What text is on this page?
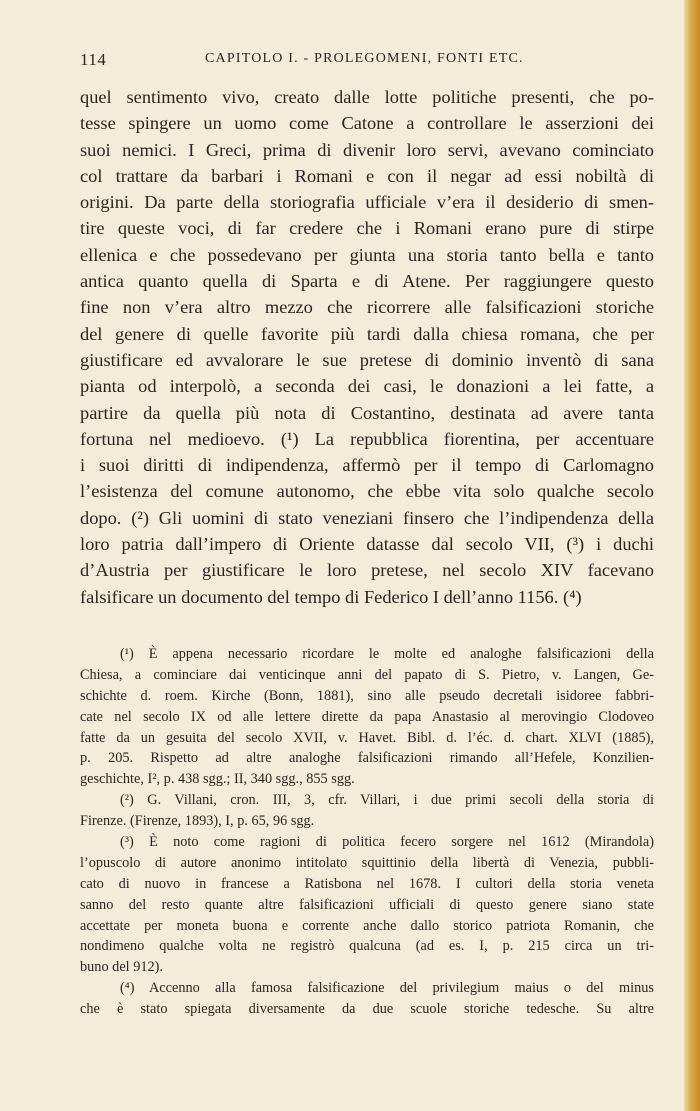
114	CAPITOLO I. - PROLEGOMENI, FONTI ETC.
quel sentimento vivo, creato dalle lotte politiche presenti, che po-
tesse spingere un uomo come Catone a controllare le asserzioni dei
suoi nemici. I Greci, prima di divenir loro servi, avevano cominciato
col trattare da barbari i Romani e con il negar ad essi nobiltà di
origini. Da parte della storiografia ufficiale v’era il desiderio di smen-
tire queste voci, di far credere che i Romani erano pure di stirpe
ellenica e che possedevano per giunta una storia tanto bella e tanto
antica quanto quella di Sparta e di Atene. Per raggiungere questo
fine non v’era altro mezzo che ricorrere alle falsificazioni storiche
del genere di quelle favorite più tardi dalla chiesa romana, che per
giustificare ed avvalorare le sue pretese di dominio inventò di sana
pianta od interpolò, a seconda dei casi, le donazioni a lei fatte, a
partire da quella più nota di Costantino, destinata ad avere tanta
fortuna nel medioevo. (¹) La repubblica fiorentina, per accentuare
i suoi diritti di indipendenza, affermò per il tempo di Carlomagno
l’esistenza del comune autonomo, che ebbe vita solo qualche secolo
dopo. (²) Gli uomini di stato veneziani finsero che l’indipendenza della
loro patria dall’impero di Oriente datasse dal secolo VII, (³) i duchi
d’Austria per giustificare le loro pretese, nel secolo XIV facevano
falsificare un documento del tempo di Federico I dell’anno 1156. (⁴)
(¹) È appena necessario ricordare le molte ed analoghe falsificazioni della
Chiesa, a cominciare dai venticinque anni del papato di S. Pietro, v. Langen, Ge-
schichte d. roem. Kirche (Bonn, 1881), sino alle pseudo decretali isidoree fabbri-
cate nel secolo IX od alle lettere dirette da papa Anastasio al merovingio Clodoveo
fatte da un gesuita del secolo XVII, v. Havet. Bibl. d. l’éc. d. chart. XLVI (1885),
p. 205. Rispetto ad altre analoghe falsificazioni rimando all’Hefele, Konzilien-
geschichte, I², p. 438 sgg.; II, 340 sgg., 855 sgg.
(²) G. Villani, cron. III, 3, cfr. Villari, i due primi secoli della storia di
Firenze. (Firenze, 1893), I, p. 65, 96 sgg.
(³) È noto come ragioni di politica fecero sorgere nel 1612 (Mirandola)
l’opuscolo di autore anonimo intitolato squittinio della libertà di Venezia, pubbli-
cato di nuovo in francese a Ratisbona nel 1678. I cultori della storia veneta
sanno del resto quante altre falsificazioni ufficiali di questo genere siano state
accettate per moneta buona e corrente anche dallo storico patriota Romanin, che
nondimeno qualche volta ne registrò qualcuna (ad es. I, p. 215 circa un tri-
buno del 912).
(⁴) Accenno alla famosa falsificazione del privilegium maius o del minus
che è stato spiegata diversamente da due scuole storiche tedesche. Su altre
